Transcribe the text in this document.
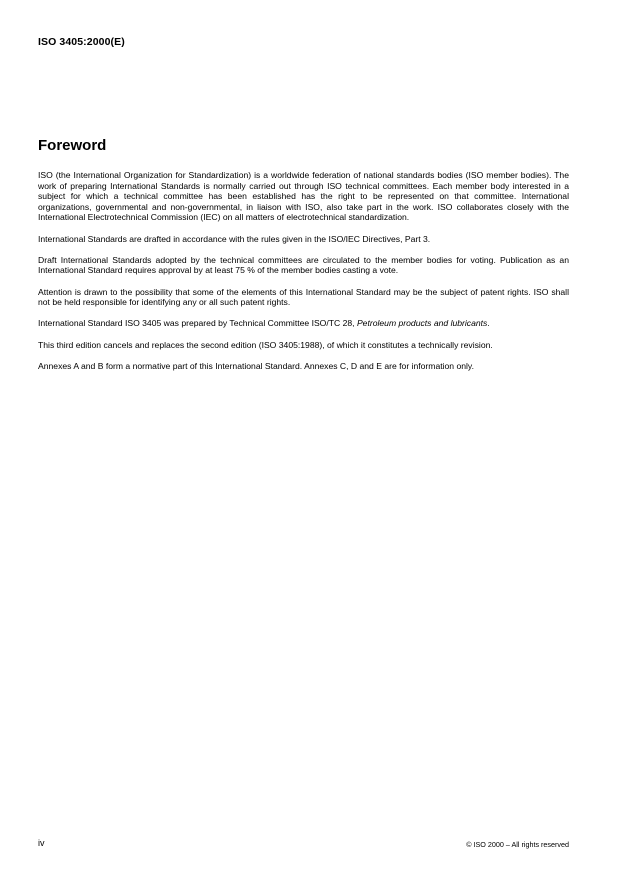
ISO 3405:2000(E)
Foreword

ISO (the International Organization for Standardization) is a worldwide federation of national standards bodies (ISO member bodies). The work of preparing International Standards is normally carried out through ISO technical committees. Each member body interested in a subject for which a technical committee has been established has the right to be represented on that committee. International organizations, governmental and non-governmental, in liaison with ISO, also take part in the work. ISO collaborates closely with the International Electrotechnical Commission (IEC) on all matters of electrotechnical standardization.

International Standards are drafted in accordance with the rules given in the ISO/IEC Directives, Part 3.

Draft International Standards adopted by the technical committees are circulated to the member bodies for voting. Publication as an International Standard requires approval by at least 75 % of the member bodies casting a vote.

Attention is drawn to the possibility that some of the elements of this International Standard may be the subject of patent rights. ISO shall not be held responsible for identifying any or all such patent rights.

International Standard ISO 3405 was prepared by Technical Committee ISO/TC 28, Petroleum products and lubricants.

This third edition cancels and replaces the second edition (ISO 3405:1988), of which it constitutes a technically revision.

Annexes A and B form a normative part of this International Standard. Annexes C, D and E are for information only.

iv	© ISO 2000 – All rights reserved
